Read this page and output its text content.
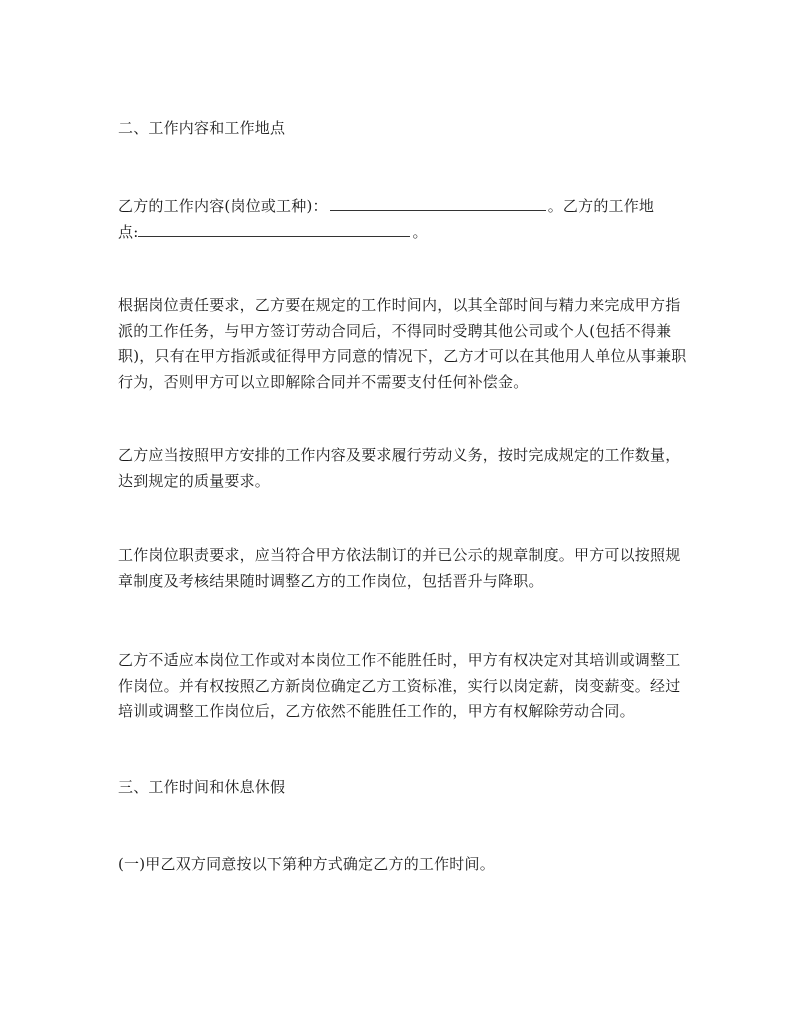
二、工作内容和工作地点

乙方的工作内容(岗位或工种)：	。乙方的工作地
点:	。

根据岗位责任要求，乙方要在规定的工作时间内，以其全部时间与精力来完成甲方指派的工作任务，与甲方签订劳动合同后，不得同时受聘其他公司或个人(包括不得兼职)，只有在甲方指派或征得甲方同意的情况下，乙方才可以在其他用人单位从事兼职行为，否则甲方可以立即解除合同并不需要支付任何补偿金。

乙方应当按照甲方安排的工作内容及要求履行劳动义务，按时完成规定的工作数量，达到规定的质量要求。

工作岗位职责要求，应当符合甲方依法制订的并已公示的规章制度。甲方可以按照规章制度及考核结果随时调整乙方的工作岗位，包括晋升与降职。

乙方不适应本岗位工作或对本岗位工作不能胜任时，甲方有权决定对其培训或调整工作岗位。并有权按照乙方新岗位确定乙方工资标准，实行以岗定薪，岗变薪变。经过培训或调整工作岗位后，乙方依然不能胜任工作的，甲方有权解除劳动合同。

三、工作时间和休息休假

(一)甲乙双方同意按以下第种方式确定乙方的工作时间。
